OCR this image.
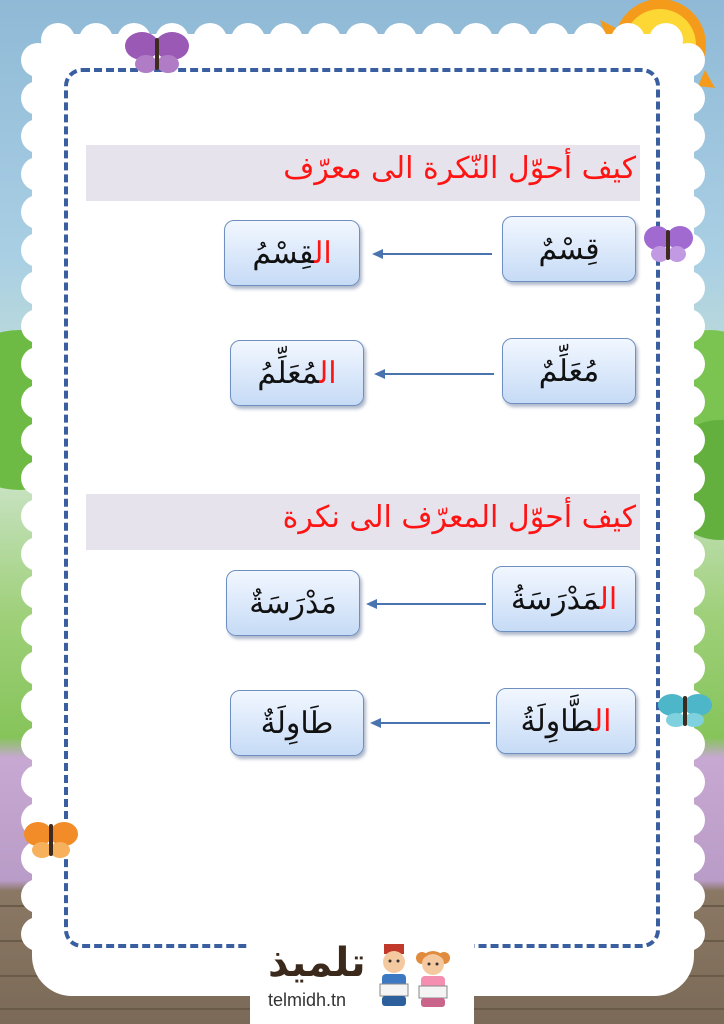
كيف أحوّل النّكرة الى معرّف
قِسْمٌ
القِسْمُ
مُعَلِّمٌ
المُعَلِّمُ
كيف أحوّل المعرّف الى نكرة
المَدْرَسَةُ
مَدْرَسَةٌ
الطَّاوِلَةُ
طَاوِلَةٌ
تلميذ
telmidh.tn
